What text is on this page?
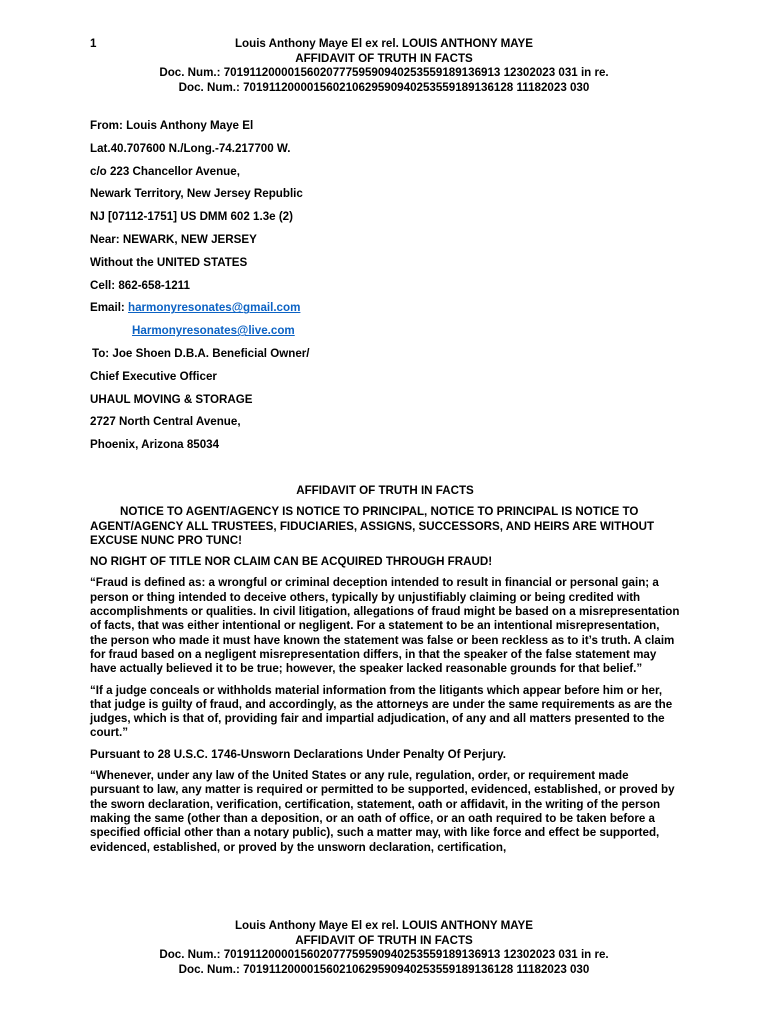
1	Louis Anthony Maye El ex rel. LOUIS ANTHONY MAYE
AFFIDAVIT OF TRUTH IN FACTS
Doc. Num.: 7019112000015602077759590940253559189136913 12302023 031 in re.
Doc. Num.: 701911200001560210629590940253559189136128 11182023 030

From: Louis Anthony Maye El

Lat.40.707600 N./Long.-74.217700 W.

c/o 223 Chancellor Avenue,

Newark Territory, New Jersey Republic

NJ [07112-1751] US DMM 602 1.3e (2)

Near: NEWARK, NEW JERSEY

Without the UNITED STATES

Cell: 862-658-1211

Email: harmonyresonates@gmail.com

Harmonyresonates@live.com

To: Joe Shoen D.B.A. Beneficial Owner/

Chief Executive Officer

UHAUL MOVING & STORAGE

2727 North Central Avenue,

Phoenix, Arizona 85034

AFFIDAVIT OF TRUTH IN FACTS

NOTICE TO AGENT/AGENCY IS NOTICE TO PRINCIPAL, NOTICE TO PRINCIPAL IS NOTICE TO AGENT/AGENCY ALL TRUSTEES, FIDUCIARIES, ASSIGNS, SUCCESSORS, AND HEIRS ARE WITHOUT EXCUSE NUNC PRO TUNC!

NO RIGHT OF TITLE NOR CLAIM CAN BE ACQUIRED THROUGH FRAUD!

“Fraud is defined as: a wrongful or criminal deception intended to result in financial or personal gain; a person or thing intended to deceive others, typically by unjustifiably claiming or being credited with accomplishments or qualities. In civil litigation, allegations of fraud might be based on a misrepresentation of facts, that was either intentional or negligent. For a statement to be an intentional misrepresentation, the person who made it must have known the statement was false or been reckless as to it’s truth. A claim for fraud based on a negligent misrepresentation differs, in that the speaker of the false statement may have actually believed it to be true; however, the speaker lacked reasonable grounds for that belief.”

“If a judge conceals or withholds material information from the litigants which appear before him or her, that judge is guilty of fraud, and accordingly, as the attorneys are under the same requirements as are the judges, which is that of, providing fair and impartial adjudication, of any and all matters presented to the court.”

Pursuant to 28 U.S.C. 1746-Unsworn Declarations Under Penalty Of Perjury.

“Whenever, under any law of the United States or any rule, regulation, order, or requirement made pursuant to law, any matter is required or permitted to be supported, evidenced, established, or proved by the sworn declaration, verification, certification, statement, oath or affidavit, in the writing of the person making the same (other than a deposition, or an oath of office, or an oath required to be taken before a specified official other than a notary public), such a matter may, with like force and effect be supported, evidenced, established, or proved by the unsworn declaration, certification,

Louis Anthony Maye El ex rel. LOUIS ANTHONY MAYE
AFFIDAVIT OF TRUTH IN FACTS
Doc. Num.: 7019112000015602077759590940253559189136913 12302023 031 in re.
Doc. Num.: 701911200001560210629590940253559189136128 11182023 030
